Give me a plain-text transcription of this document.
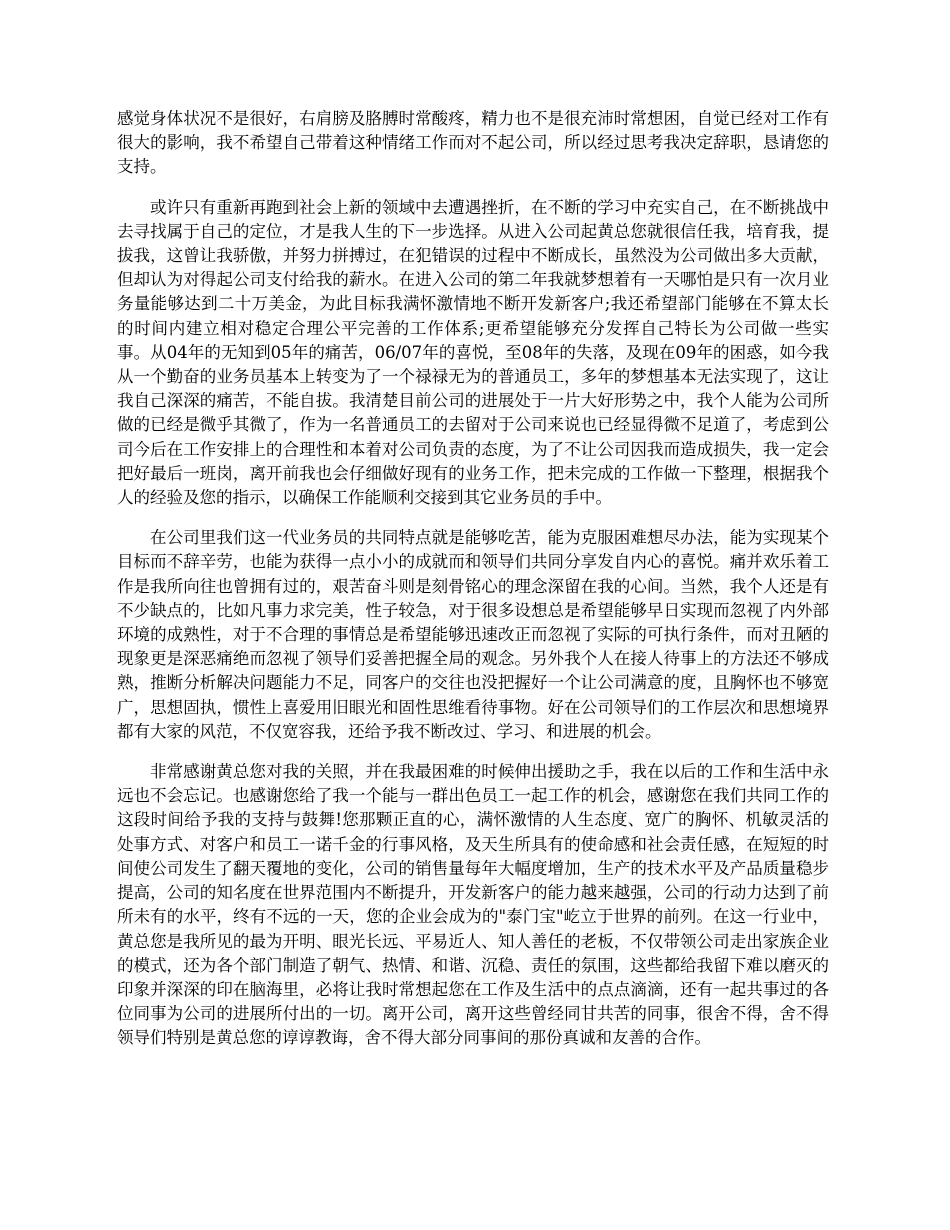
感觉身体状况不是很好，右肩膀及胳膊时常酸疼，精力也不是很充沛时常想困，自觉已经对工作有很大的影响，我不希望自己带着这种情绪工作而对不起公司，所以经过思考我决定辞职，恳请您的支持。

或许只有重新再跑到社会上新的领域中去遭遇挫折，在不断的学习中充实自己，在不断挑战中去寻找属于自己的定位，才是我人生的下一步选择。从进入公司起黄总您就很信任我，培育我，提拔我，这曾让我骄傲，并努力拼搏过，在犯错误的过程中不断成长，虽然没为公司做出多大贡献，但却认为对得起公司支付给我的薪水。在进入公司的第二年我就梦想着有一天哪怕是只有一次月业务量能够达到二十万美金，为此目标我满怀激情地不断开发新客户;我还希望部门能够在不算太长的时间内建立相对稳定合理公平完善的工作体系;更希望能够充分发挥自己特长为公司做一些实事。从04年的无知到05年的痛苦，06/07年的喜悦，至08年的失落，及现在09年的困惑，如今我从一个勤奋的业务员基本上转变为了一个禄禄无为的普通员工，多年的梦想基本无法实现了，这让我自己深深的痛苦，不能自拔。我清楚目前公司的进展处于一片大好形势之中，我个人能为公司所做的已经是微乎其微了，作为一名普通员工的去留对于公司来说也已经显得微不足道了，考虑到公司今后在工作安排上的合理性和本着对公司负责的态度，为了不让公司因我而造成损失，我一定会把好最后一班岗，离开前我也会仔细做好现有的业务工作，把未完成的工作做一下整理，根据我个人的经验及您的指示，以确保工作能顺利交接到其它业务员的手中。

在公司里我们这一代业务员的共同特点就是能够吃苦，能为克服困难想尽办法，能为实现某个目标而不辞辛劳，也能为获得一点小小的成就而和领导们共同分享发自内心的喜悦。痛并欢乐着工作是我所向往也曾拥有过的，艰苦奋斗则是刻骨铭心的理念深留在我的心间。当然，我个人还是有不少缺点的，比如凡事力求完美，性子较急，对于很多设想总是希望能够早日实现而忽视了内外部环境的成熟性，对于不合理的事情总是希望能够迅速改正而忽视了实际的可执行条件，而对丑陋的现象更是深恶痛绝而忽视了领导们妥善把握全局的观念。另外我个人在接人待事上的方法还不够成熟，推断分析解决问题能力不足，同客户的交往也没把握好一个让公司满意的度，且胸怀也不够宽广，思想固执，惯性上喜爱用旧眼光和固性思维看待事物。好在公司领导们的工作层次和思想境界都有大家的风范，不仅宽容我，还给予我不断改过、学习、和进展的机会。

非常感谢黄总您对我的关照，并在我最困难的时候伸出援助之手，我在以后的工作和生活中永远也不会忘记。也感谢您给了我一个能与一群出色员工一起工作的机会，感谢您在我们共同工作的这段时间给予我的支持与鼓舞!您那颗正直的心，满怀激情的人生态度、宽广的胸怀、机敏灵活的处事方式、对客户和员工一诺千金的行事风格，及天生所具有的使命感和社会责任感，在短短的时间使公司发生了翻天覆地的变化，公司的销售量每年大幅度增加，生产的技术水平及产品质量稳步提高，公司的知名度在世界范围内不断提升，开发新客户的能力越来越强，公司的行动力达到了前所未有的水平，终有不远的一天，您的企业会成为的"泰门宝"屹立于世界的前列。在这一行业中，黄总您是我所见的最为开明、眼光长远、平易近人、知人善任的老板，不仅带领公司走出家族企业的模式，还为各个部门制造了朝气、热情、和谐、沉稳、责任的氛围，这些都给我留下难以磨灭的印象并深深的印在脑海里，必将让我时常想起您在工作及生活中的点点滴滴，还有一起共事过的各位同事为公司的进展所付出的一切。离开公司，离开这些曾经同甘共苦的同事，很舍不得，舍不得领导们特别是黄总您的谆谆教诲，舍不得大部分同事间的那份真诚和友善的合作。
